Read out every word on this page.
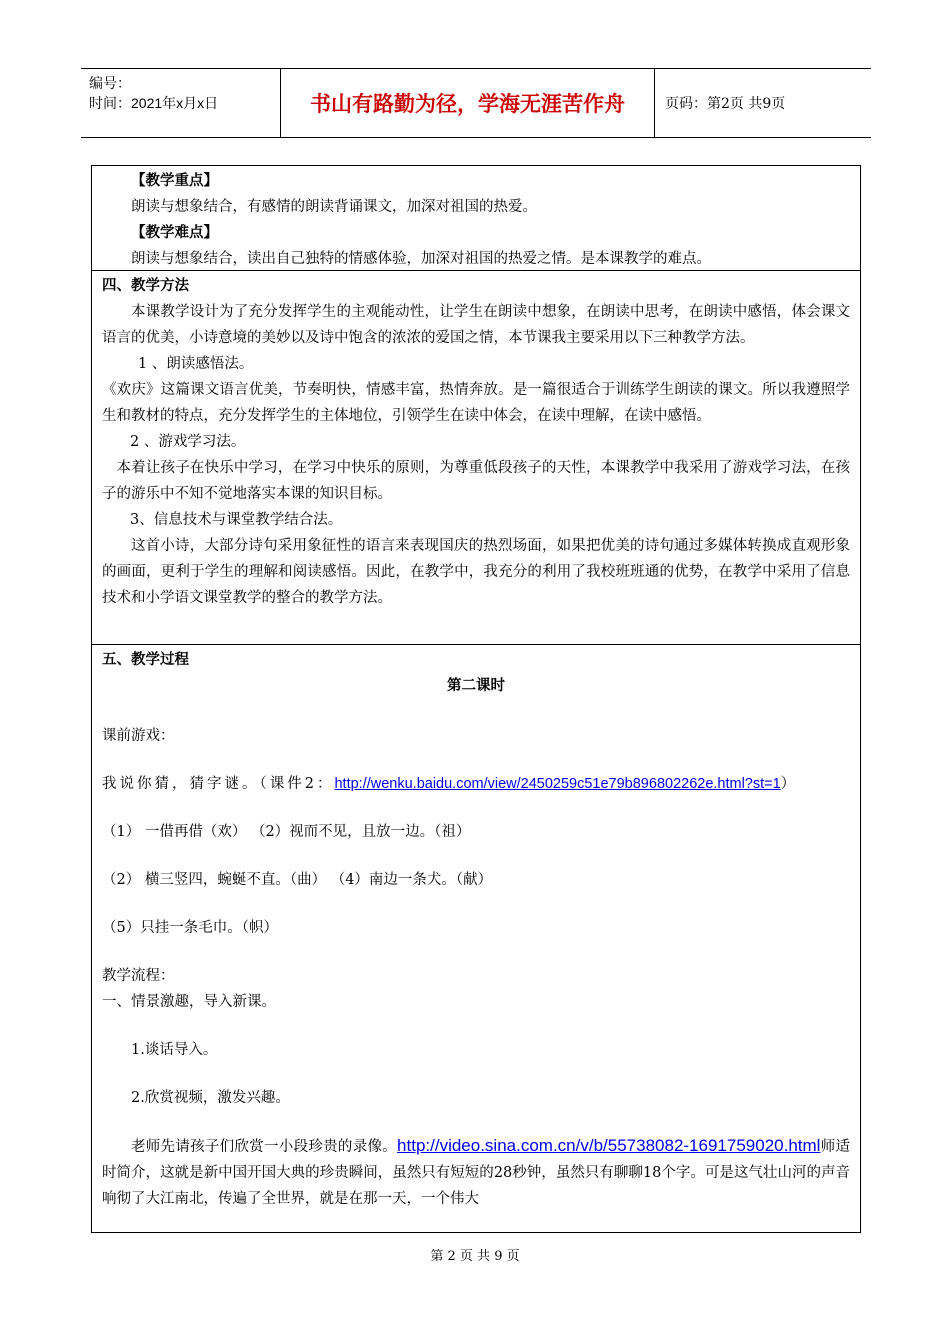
编号：
时间：2021年x月x日	书山有路勤为径，学海无涯苦作舟	页码：第2页 共9页

【教学重点】

朗读与想象结合，有感情的朗读背诵课文，加深对祖国的热爱。

【教学难点】

朗读与想象结合，读出自己独特的情感体验，加深对祖国的热爱之情。是本课教学的难点。

四、教学方法

本课教学设计为了充分发挥学生的主观能动性，让学生在朗读中想象，在朗读中思考，在朗读中感悟，体会课文语言的优美，小诗意境的美妙以及诗中饱含的浓浓的爱国之情，本节课我主要采用以下三种教学方法。

1 、朗读感悟法。

《欢庆》这篇课文语言优美，节奏明快，情感丰富，热情奔放。是一篇很适合于训练学生朗读的课文。所以我遵照学生和教材的特点，充分发挥学生的主体地位，引领学生在读中体会，在读中理解，在读中感悟。

2 、游戏学习法。

本着让孩子在快乐中学习，在学习中快乐的原则，为尊重低段孩子的天性，本课教学中我采用了游戏学习法，在孩子的游乐中不知不觉地落实本课的知识目标。

3、信息技术与课堂教学结合法。

这首小诗，大部分诗句采用象征性的语言来表现国庆的热烈场面，如果把优美的诗句通过多媒体转换成直观形象的画面，更利于学生的理解和阅读感悟。因此，在教学中，我充分的利用了我校班班通的优势，在教学中采用了信息技术和小学语文课堂教学的整合的教学方法。

五、教学过程

第二课时

课前游戏：

我说你猜，猜字谜。（课件2：http://wenku.baidu.com/view/2450259c51e79b896802262e.html?st=1）

（1） 一借再借（欢） （2）视而不见，且放一边。（祖）

（2） 横三竖四，蜿蜒不直。（曲） （4）南边一条犬。（献）

（5）只挂一条毛巾。（帜）

教学流程：

一、情景激趣，导入新课。

1.谈话导入。

2.欣赏视频，激发兴趣。

老师先请孩子们欣赏一小段珍贵的录像。http://video.sina.com.cn/v/b/55738082-1691759020.html师适时简介，这就是新中国开国大典的珍贵瞬间，虽然只有短短的28秒钟，虽然只有聊聊18个字。可是这气壮山河的声音响彻了大江南北，传遍了全世界，就是在那一天，一个伟大

第 2 页 共 9 页
